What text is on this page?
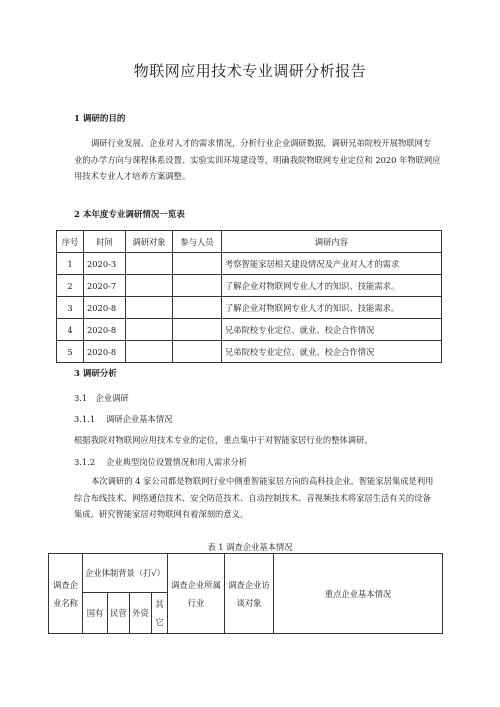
物联网应用技术专业调研分析报告
1 调研的目的
调研行业发展、企业对人才的需求情况，分析行业企业调研数据，调研兄弟院校开展物联网专
业的办学方向与课程体系设置、实验实训环境建设等，明确我院物联网专业定位和 2020 年物联网应
用技术专业人才培养方案调整。
2 本年度专业调研情况一览表
序号	时间	调研对象	参与人员	调研内容
1	2020-3			考察智能家居相关建设情况及产业对人才的需求
2	2020-7			了解企业对物联网专业人才的知识、技能需求。
3	2020-8			了解企业对物联网专业人才的知识、技能需求。
4	2020-8			兄弟院校专业定位、就业、校企合作情况
5	2020-8			兄弟院校专业定位、就业、校企合作情况
3 调研分析
3.1　企业调研
3.1.1　 调研企业基本情况
根据我院对物联网应用技术专业的定位，重点集中于对智能家居行业的整体调研。
3.1.2　 企业典型岗位设置情况和用人需求分析
本次调研的 4 家公司都是物联网行业中侧重智能家居方向的高科技企业。智能家居集成是利用
综合布线技术、网络通信技术、安全防范技术、自动控制技术、音视频技术将家居生活有关的设备
集成。研究智能家居对物联网有着深刻的意义。
表 1 调查企业基本情况
调查企业名称	企业体制背景（打√）				调查企业所属行业	调查企业访谈对象	重点企业基本情况
	国有	民营	外资	其它			
